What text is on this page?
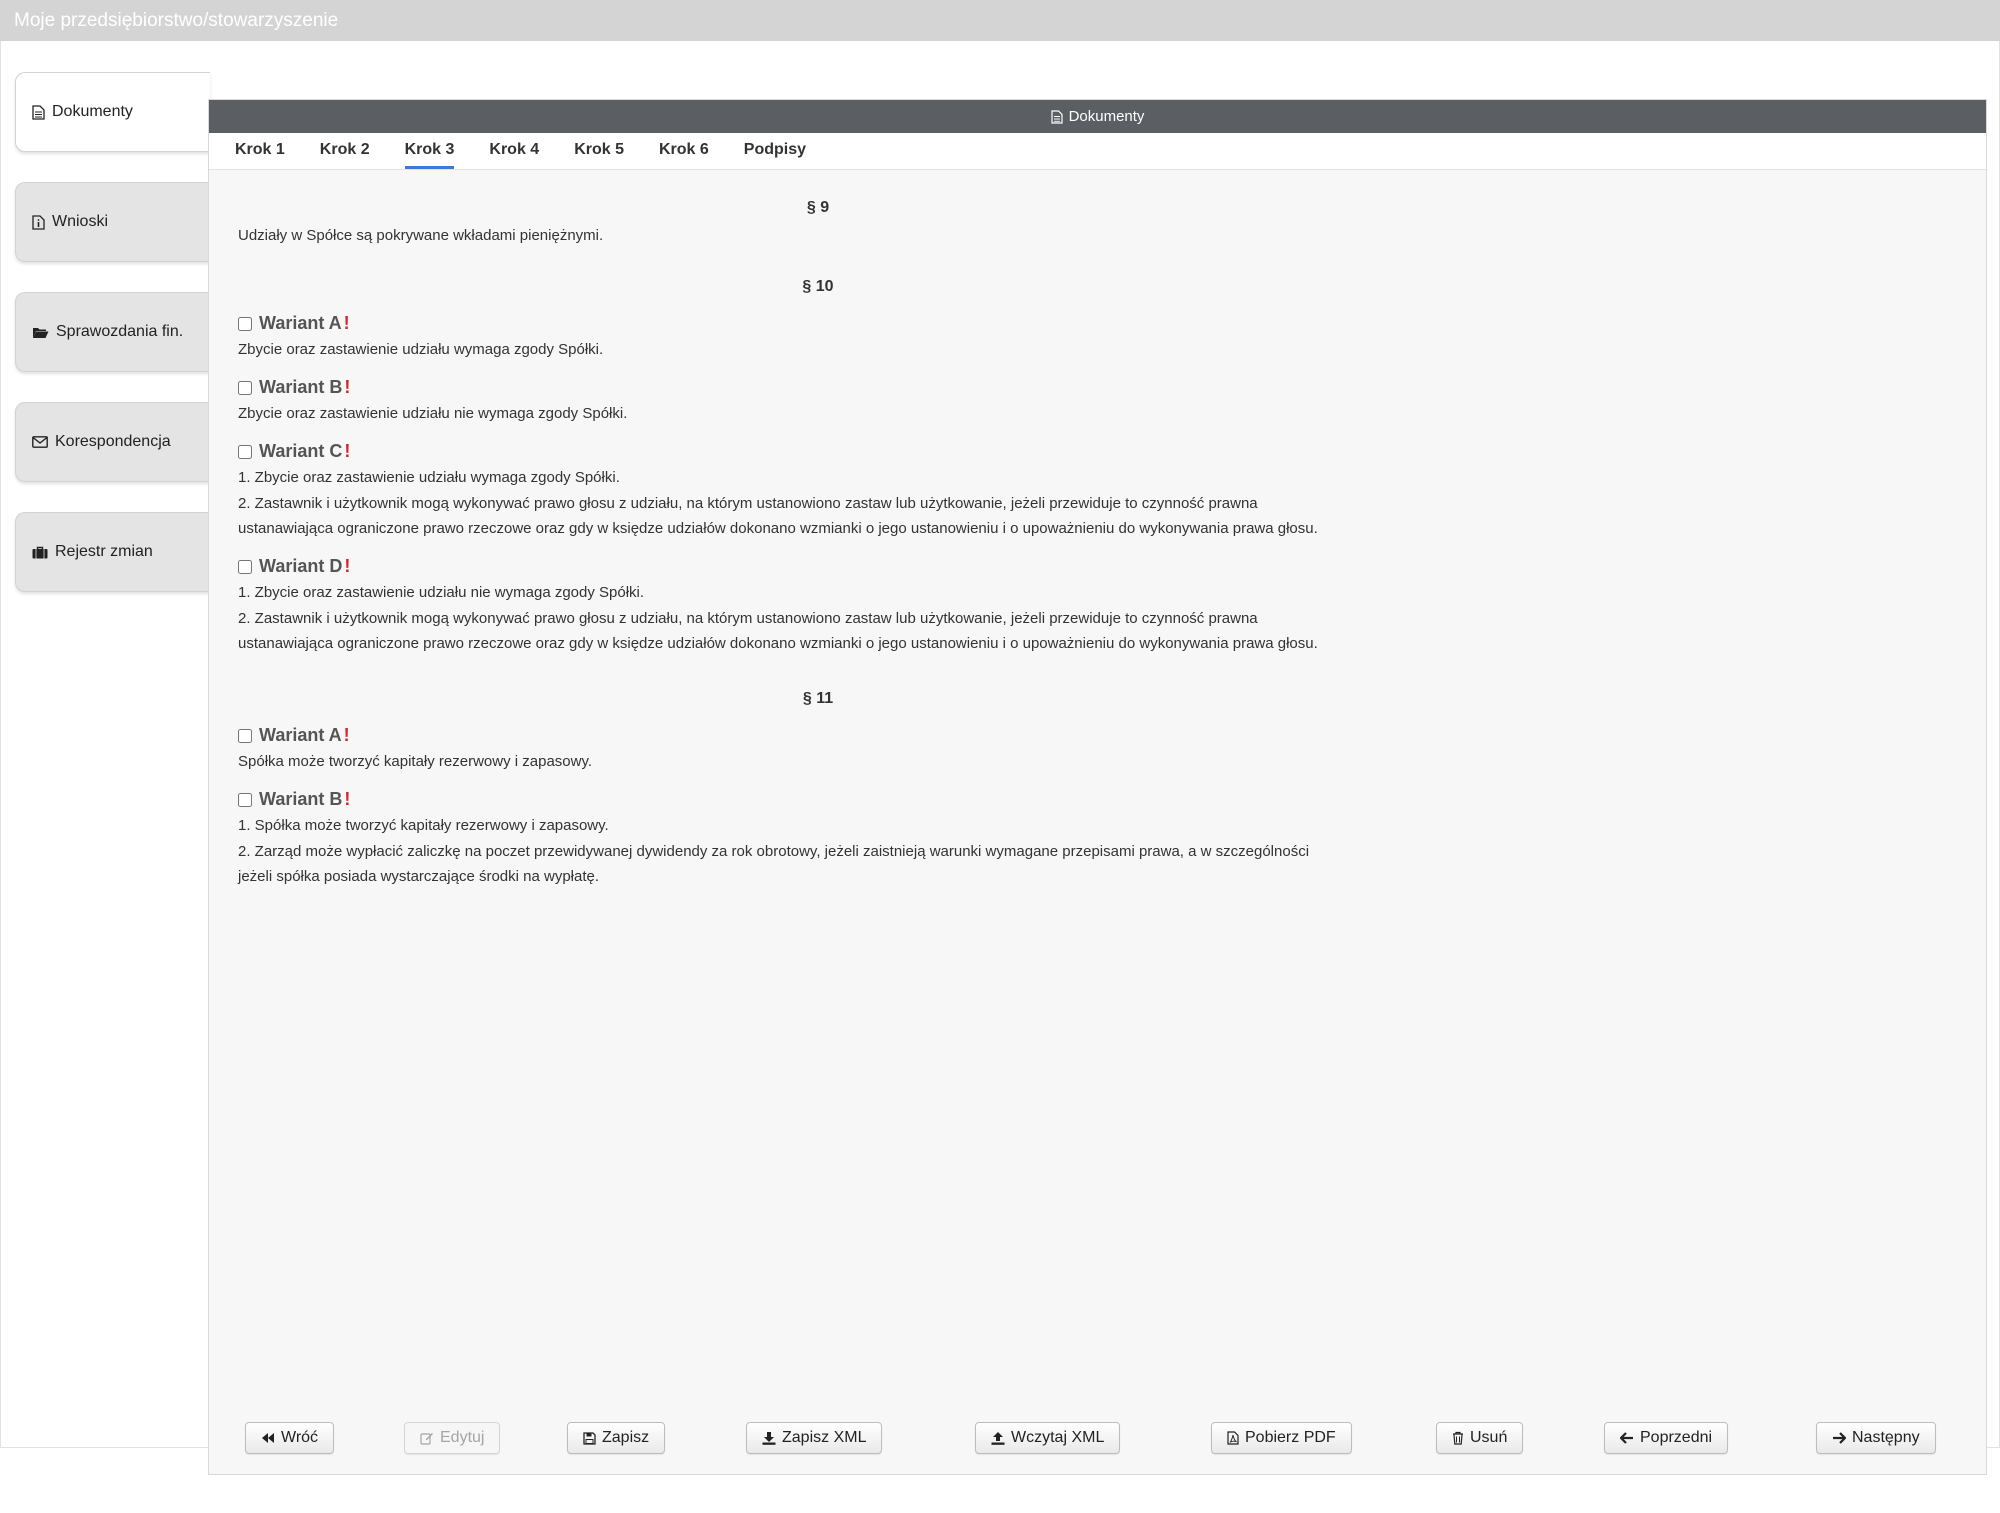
Moje przedsiębiorstwo/stowarzyszenie
Dokumenty
Wnioski
Sprawozdania fin.
Korespondencja
Rejestr zmian
Dokumenty
Krok 1 Krok 2 Krok 3 Krok 4 Krok 5 Krok 6 Podpisy
§ 9
Udziały w Spółce są pokrywane wkładami pieniężnymi.
§ 10
Wariant A !
Zbycie oraz zastawienie udziału wymaga zgody Spółki.
Wariant B !
Zbycie oraz zastawienie udziału nie wymaga zgody Spółki.
Wariant C !
1. Zbycie oraz zastawienie udziału wymaga zgody Spółki.
2. Zastawnik i użytkownik mogą wykonywać prawo głosu z udziału, na którym ustanowiono zastaw lub użytkowanie, jeżeli przewiduje to czynność prawna
ustanawiająca ograniczone prawo rzeczowe oraz gdy w księdze udziałów dokonano wzmianki o jego ustanowieniu i o upoważnieniu do wykonywania prawa głosu.
Wariant D !
1. Zbycie oraz zastawienie udziału nie wymaga zgody Spółki.
2. Zastawnik i użytkownik mogą wykonywać prawo głosu z udziału, na którym ustanowiono zastaw lub użytkowanie, jeżeli przewiduje to czynność prawna
ustanawiająca ograniczone prawo rzeczowe oraz gdy w księdze udziałów dokonano wzmianki o jego ustanowieniu i o upoważnieniu do wykonywania prawa głosu.
§ 11
Wariant A !
Spółka może tworzyć kapitały rezerwowy i zapasowy.
Wariant B !
1. Spółka może tworzyć kapitały rezerwowy i zapasowy.
2. Zarząd może wypłacić zaliczkę na poczet przewidywanej dywidendy za rok obrotowy, jeżeli zaistnieją warunki wymagane przepisami prawa, a w szczególności
jeżeli spółka posiada wystarczające środki na wypłatę.
Wróć	Edytuj	Zapisz	Zapisz XML	Wczytaj XML	Pobierz PDF	Usuń	Poprzedni	Następny
